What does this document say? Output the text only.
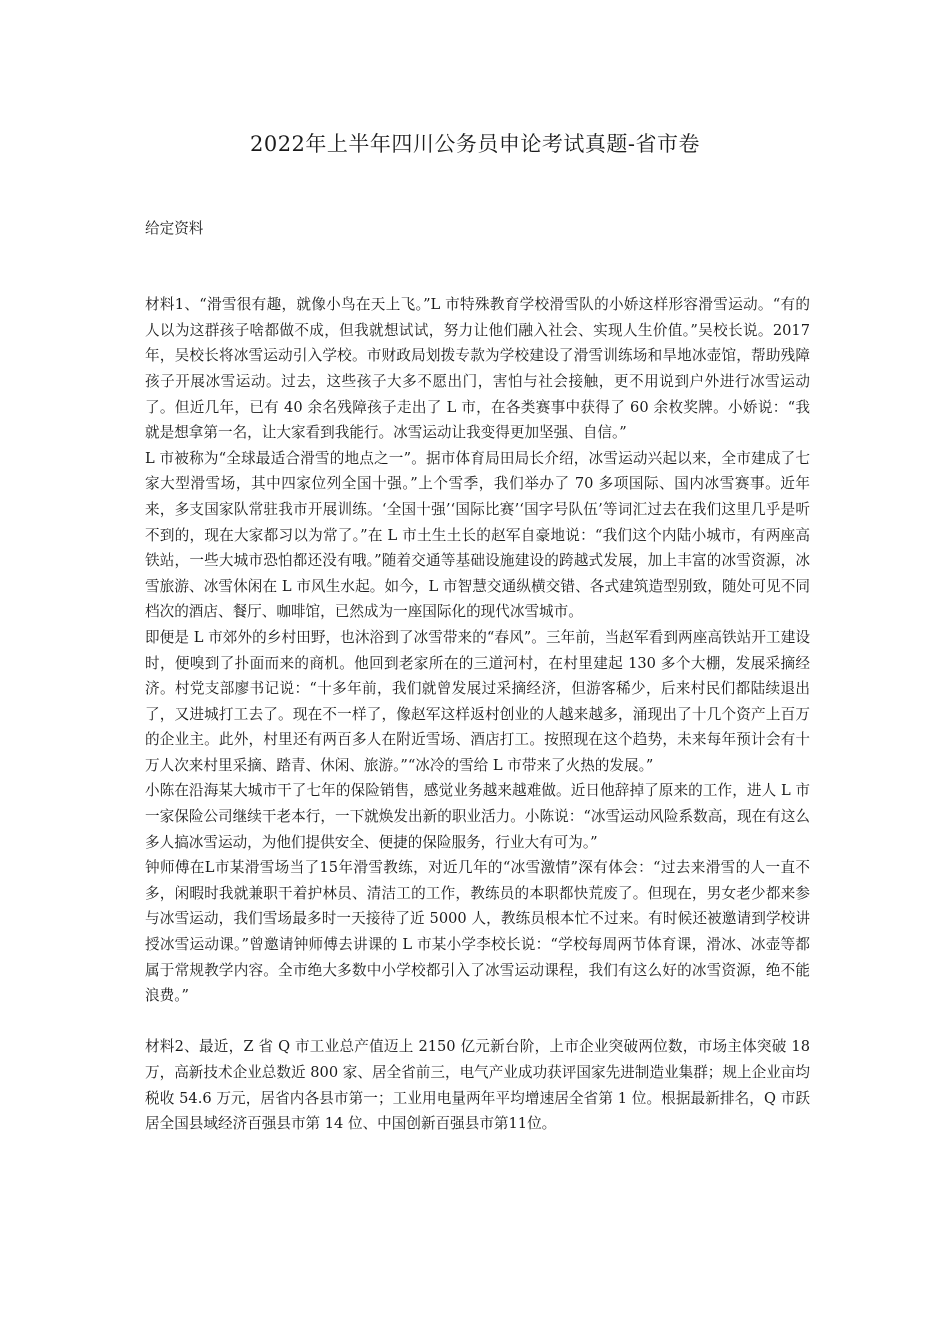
2022年上半年四川公务员申论考试真题-省市卷

给定资料

材料1、“滑雪很有趣，就像小鸟在天上飞。”L 市特殊教育学校滑雪队的小娇这样形容滑雪运动。“有的人以为这群孩子啥都做不成，但我就想试试，努力让他们融入社会、实现人生价值。”吴校长说。2017 年，吴校长将冰雪运动引入学校。市财政局划拨专款为学校建设了滑雪训练场和旱地冰壶馆，帮助残障孩子开展冰雪运动。过去，这些孩子大多不愿出门，害怕与社会接触，更不用说到户外进行冰雪运动了。但近几年，已有 40 余名残障孩子走出了 L 市，在各类赛事中获得了 60 余枚奖牌。小娇说：“我就是想拿第一名，让大家看到我能行。冰雪运动让我变得更加坚强、自信。”

L 市被称为“全球最适合滑雪的地点之一”。据市体育局田局长介绍，冰雪运动兴起以来，全市建成了七家大型滑雪场，其中四家位列全国十强。”上个雪季，我们举办了 70 多项国际、国内冰雪赛事。近年来，多支国家队常驻我市开展训练。‘全国十强’‘国际比赛’‘国字号队伍’等词汇过去在我们这里几乎是听不到的，现在大家都习以为常了。”在 L 市土生土长的赵军自豪地说：“我们这个内陆小城市，有两座高铁站，一些大城市恐怕都还没有哦。”随着交通等基础设施建设的跨越式发展，加上丰富的冰雪资源，冰雪旅游、冰雪休闲在 L 市风生水起。如今，L 市智慧交通纵横交错、各式建筑造型别致，随处可见不同档次的酒店、餐厅、咖啡馆，已然成为一座国际化的现代冰雪城市。

即便是 L 市郊外的乡村田野，也沐浴到了冰雪带来的“春风”。三年前，当赵军看到两座高铁站开工建设时，便嗅到了扑面而来的商机。他回到老家所在的三道河村，在村里建起 130 多个大棚，发展采摘经济。村党支部廖书记说：“十多年前，我们就曾发展过采摘经济，但游客稀少，后来村民们都陆续退出了，又进城打工去了。现在不一样了，像赵军这样返村创业的人越来越多，涌现出了十几个资产上百万的企业主。此外，村里还有两百多人在附近雪场、酒店打工。按照现在这个趋势，未来每年预计会有十万人次来村里采摘、踏青、休闲、旅游。”“冰冷的雪给 L 市带来了火热的发展。”

小陈在沿海某大城市干了七年的保险销售，感觉业务越来越难做。近日他辞掉了原来的工作，进人 L 市一家保险公司继续干老本行，一下就焕发出新的职业活力。小陈说：“冰雪运动风险系数高，现在有这么多人搞冰雪运动，为他们提供安全、便捷的保险服务，行业大有可为。”

钟师傅在L市某滑雪场当了15年滑雪教练，对近几年的“冰雪激情”深有体会：“过去来滑雪的人一直不多，闲暇时我就兼职干着护林员、清洁工的工作，教练员的本职都快荒废了。但现在，男女老少都来参与冰雪运动，我们雪场最多时一天接待了近 5000 人，教练员根本忙不过来。有时候还被邀请到学校讲授冰雪运动课。”曾邀请钟师傅去讲课的 L 市某小学李校长说：“学校每周两节体育课，滑冰、冰壶等都属于常规教学内容。全市绝大多数中小学校都引入了冰雪运动课程，我们有这么好的冰雪资源，绝不能浪费。”

材料2、最近，Z 省 Q 市工业总产值迈上 2150 亿元新台阶，上市企业突破两位数，市场主体突破 18 万，高新技术企业总数近 800 家、居全省前三，电气产业成功获评国家先进制造业集群；规上企业亩均税收 54.6 万元，居省内各县市第一；工业用电量两年平均增速居全省第 1 位。根据最新排名，Q 市跃居全国县域经济百强县市第 14 位、中国创新百强县市第11位。
